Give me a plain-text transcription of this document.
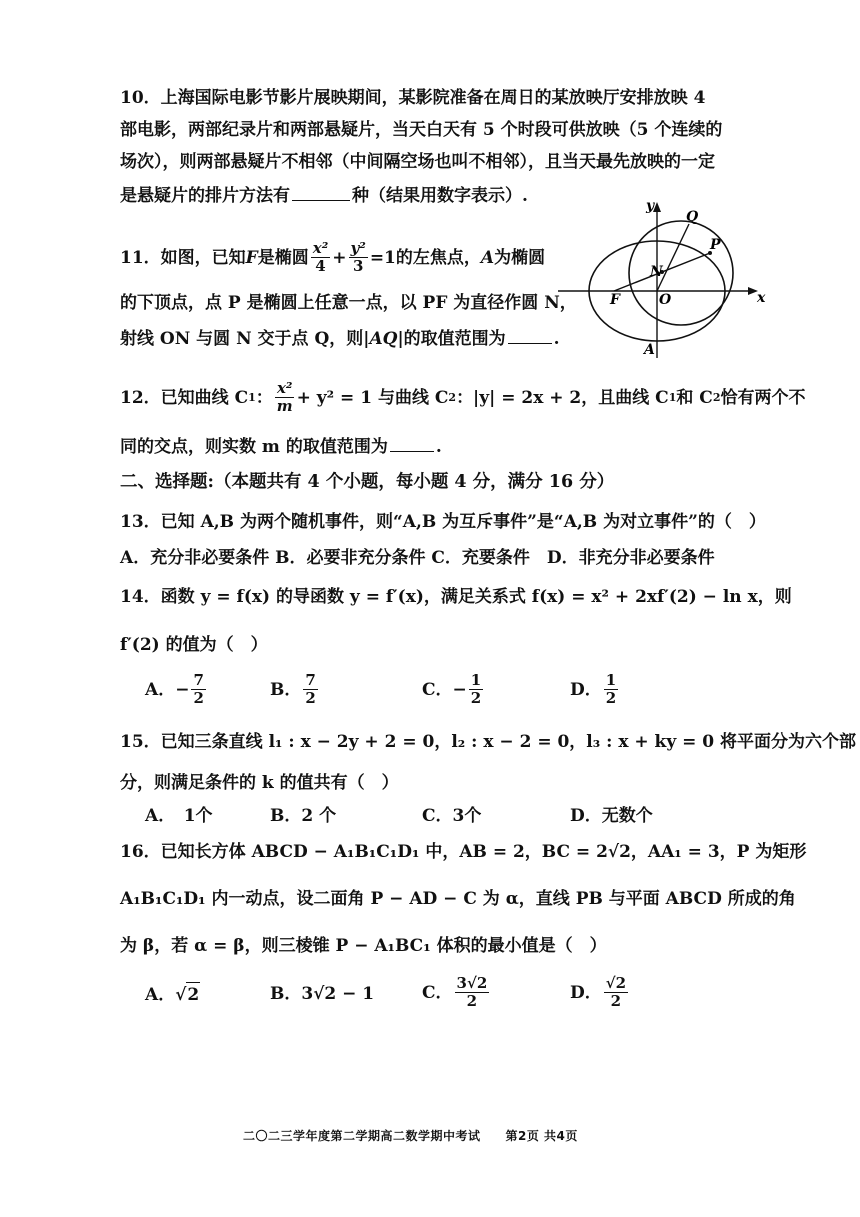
10．上海国际电影节影片展映期间，某影院准备在周日的某放映厅安排放映 4
部电影，两部纪录片和两部悬疑片，当天白天有 5 个时段可供放映（5 个连续的
场次），则两部悬疑片不相邻（中间隔空场也叫不相邻），且当天最先放映的一定
是悬疑片的排片方法有	种（结果用数字表示）.
11．如图，已知 F 是椭圆 $\frac{\text{x²}}{4} + \frac{\text{y²}}{3} =1$的左焦点， A 为椭圆
的下顶点，点 P 是椭圆上任意一点，以 PF 为直径作圆 N，
射线 ON 与圆 N 交于点 Q，则|AQ|的取值范围为	.
y
x
Q
P
N
F	O
A
12．已知曲线 C 1 ： $\frac{\text{x²}}{m} + y^2 = 1$ 与曲线 C 2 ：|y| = 2x + 2，且曲线 C 1 和 C 2 恰有两个不
同的交点，则实数 m 的取值范围为	.
二、选择题:（本题共有 4 个小题，每小题 4 分，满分 16 分）
13．已知 A,B 为两个随机事件，则“A,B 为互斥事件”是“A,B 为对立事件”的（　）
A．充分非必要条件 B．必要非充分条件 C．充要条件　D．非充分非必要条件
14．函数 y = f(x) 的导函数 y = f′(x)，满足关系式 f(x) = x² + 2xf′(2) − ln x，则
f′(2) 的值为（　）
A． − $\frac{7}{2}$	B． $\frac{7}{2}$	C． − $\frac{1}{2}$	D． $\frac{1}{2}$
15．已知三条直线 l₁ : x − 2y + 2 = 0，l₂ : x − 2 = 0，l₃ : x + ky = 0 将平面分为六个部
分，则满足条件的 k 的值共有（　）
A．　1个	B．2 个	C．3个	D．无数个
16．已知长方体 ABCD − A₁B₁C₁D₁ 中，AB = 2，BC = 2√2，AA₁ = 3，P 为矩形
A₁B₁C₁D₁ 内一动点，设二面角 P − AD − C 为 α，直线 PB 与平面 ABCD 所成的角
为 β，若 α = β，则三棱锥 P − A₁BC₁ 体积的最小值是（　）
A． √ 2	B． 3√2 − 1	C． $\frac{3√2}{2}$	D． $\frac{√2}{2}$
二〇二三学年度第二学期高二数学期中考试　　第2页 共4页
